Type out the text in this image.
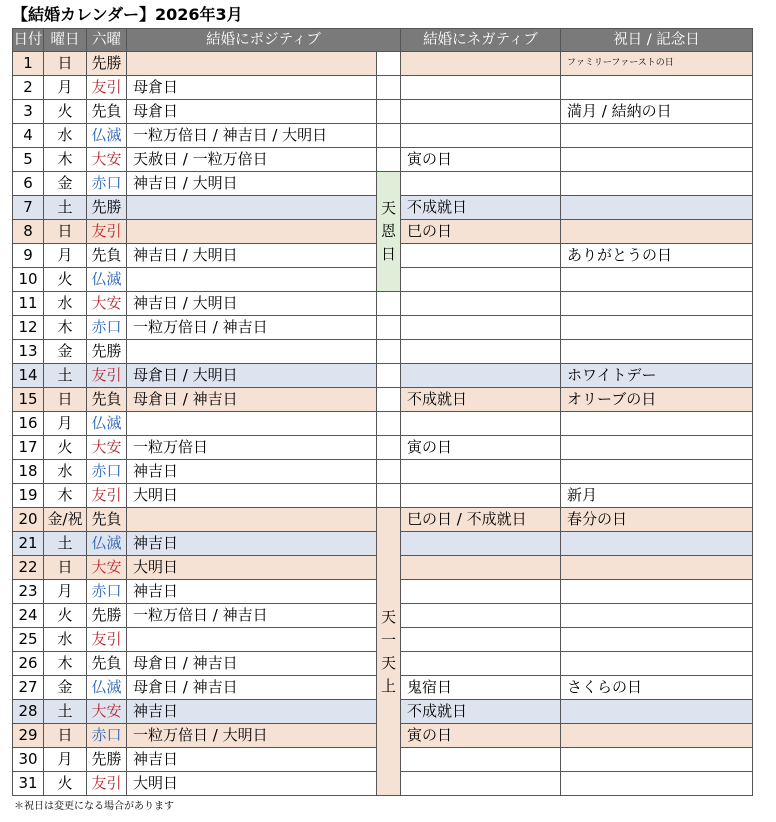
【結婚カレンダー】2026年3月
日付	曜日	六曜	結婚にポジティブ		結婚にネガティブ	祝日 / 記念日
1	日	先勝				ファミリーファーストの日
2	月	友引	母倉日			
3	火	先負	母倉日			満月 / 結納の日
4	水	仏滅	一粒万倍日 / 神吉日 / 大明日			
5	木	大安	天赦日 / 一粒万倍日		寅の日	
6	金	赤口	神吉日 / 大明日	天恩日		
7	土	先勝			不成就日	
8	日	友引			巳の日	
9	月	先負	神吉日 / 大明日			ありがとうの日
10	火	仏滅				
11	水	大安	神吉日 / 大明日			
12	木	赤口	一粒万倍日 / 神吉日			
13	金	先勝				
14	土	友引	母倉日 / 大明日			ホワイトデー
15	日	先負	母倉日 / 神吉日		不成就日	オリーブの日
16	月	仏滅				
17	火	大安	一粒万倍日		寅の日	
18	水	赤口	神吉日			
19	木	友引	大明日			新月
20	金/祝	先負		天一天上	巳の日 / 不成就日	春分の日
21	土	仏滅	神吉日			
22	日	大安	大明日			
23	月	赤口	神吉日			
24	火	先勝	一粒万倍日 / 神吉日			
25	水	友引				
26	木	先負	母倉日 / 神吉日			
27	金	仏滅	母倉日 / 神吉日		鬼宿日	さくらの日
28	土	大安	神吉日		不成就日	
29	日	赤口	一粒万倍日 / 大明日		寅の日	
30	月	先勝	神吉日			
31	火	友引	大明日			
＊祝日は変更になる場合があります
